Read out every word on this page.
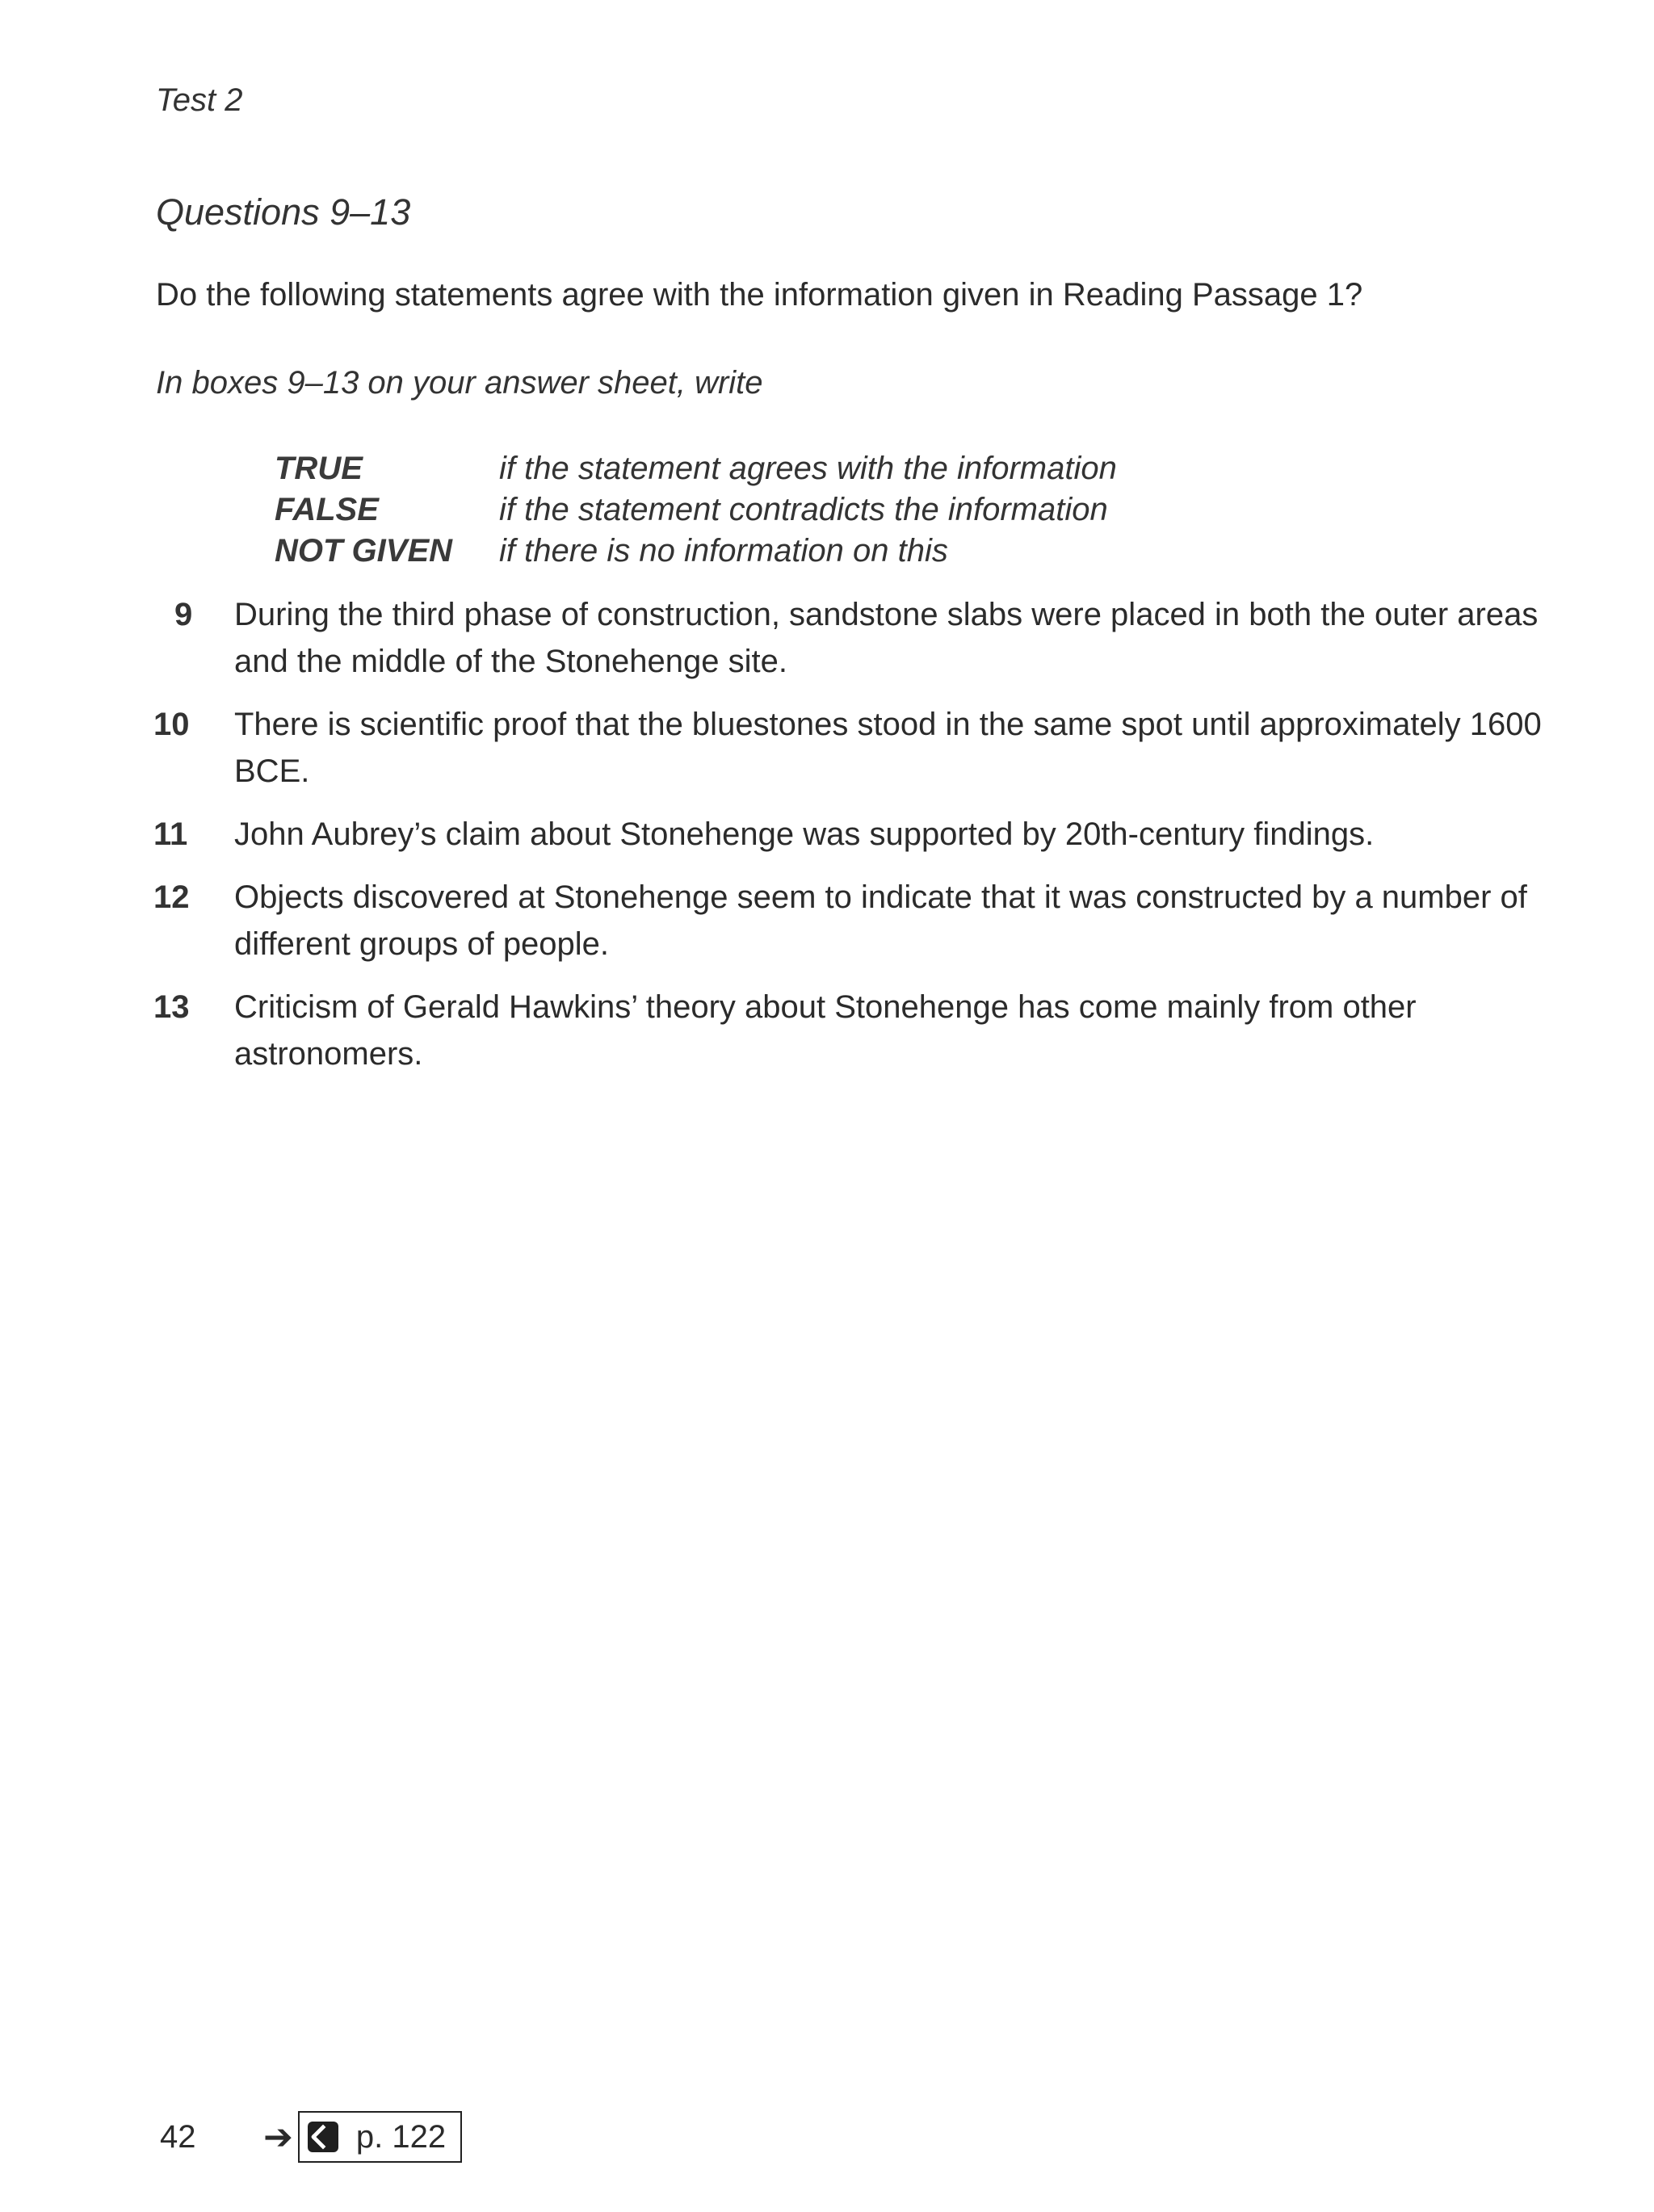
Test 2
Questions 9–13
Do the following statements agree with the information given in Reading Passage 1?
In boxes 9–13 on your answer sheet, write
TRUE	if the statement agrees with the information
FALSE	if the statement contradicts the information
NOT GIVEN	if there is no information on this
9	During the third phase of construction, sandstone slabs were placed in both the outer areas and the middle of the Stonehenge site.
10	There is scientific proof that the bluestones stood in the same spot until approximately 1600 BCE.
11	John Aubrey’s claim about Stonehenge was supported by 20th-century findings.
12	Objects discovered at Stonehenge seem to indicate that it was constructed by a number of different groups of people.
13	Criticism of Gerald Hawkins’ theory about Stonehenge has come mainly from other astronomers.
42	➔ p. 122
